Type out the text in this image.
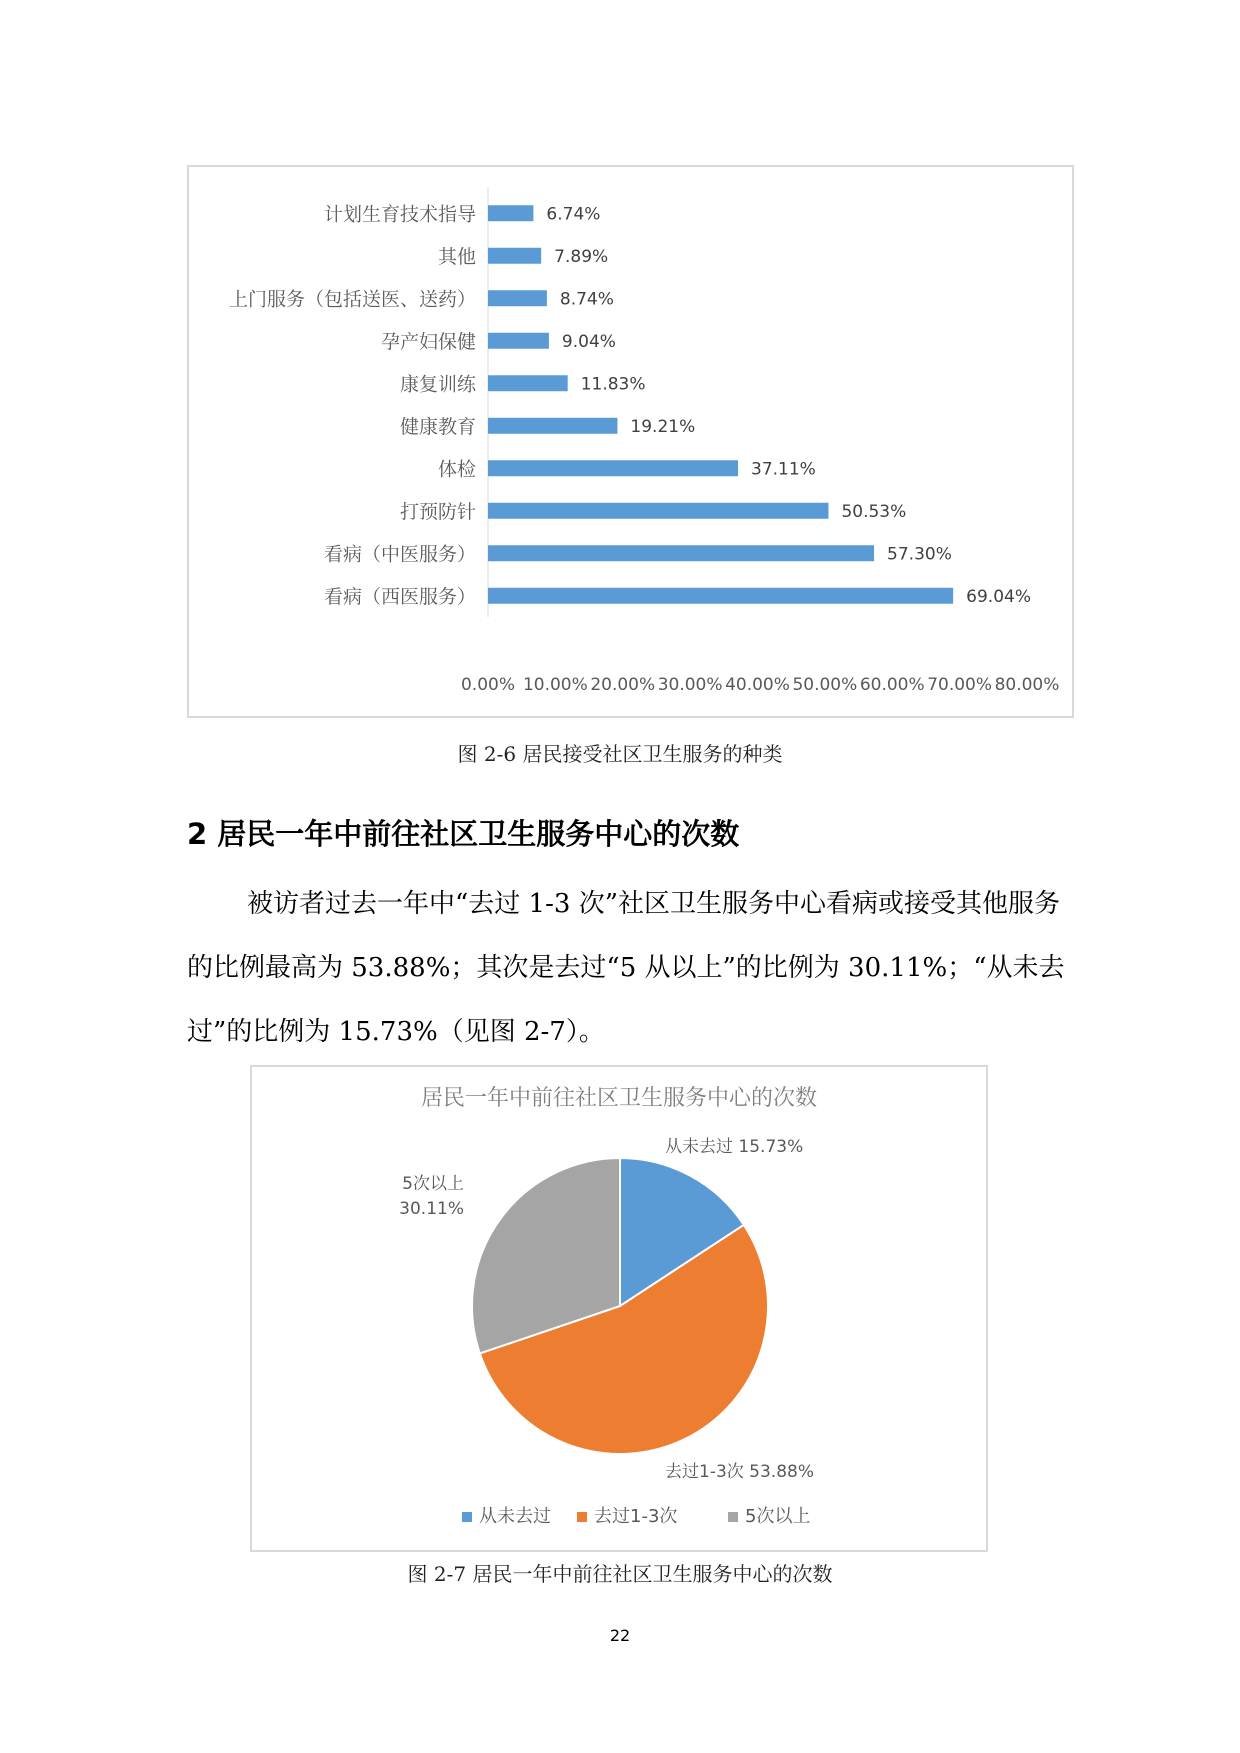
计划生育技术指导	6.74%
其他	7.89%
上门服务（包括送医、送药）	8.74%
孕产妇保健	9.04%
康复训练	11.83%
健康教育	19.21%
体检	37.11%
打预防针	50.53%
看病（中医服务）	57.30%
看病（西医服务）	69.04%
0.00% 10.00% 20.00% 30.00% 40.00% 50.00% 60.00% 70.00% 80.00%
图 2-6 居民接受社区卫生服务的种类
2 居民一年中前往社区卫生服务中心的次数
被访者过去一年中“去过 1-3 次”社区卫生服务中心看病或接受其他服务的比例最高为 53.88%；其次是去过“5 从以上”的比例为 30.11%；“从未去过”的比例为 15.73%（见图 2-7）。
居民一年中前往社区卫生服务中心的次数
从未去过 15.73%
去过1-3次 53.88%
5次以上
30.11%
从未去过 去过1-3次	5次以上
图 2-7 居民一年中前往社区卫生服务中心的次数
22
